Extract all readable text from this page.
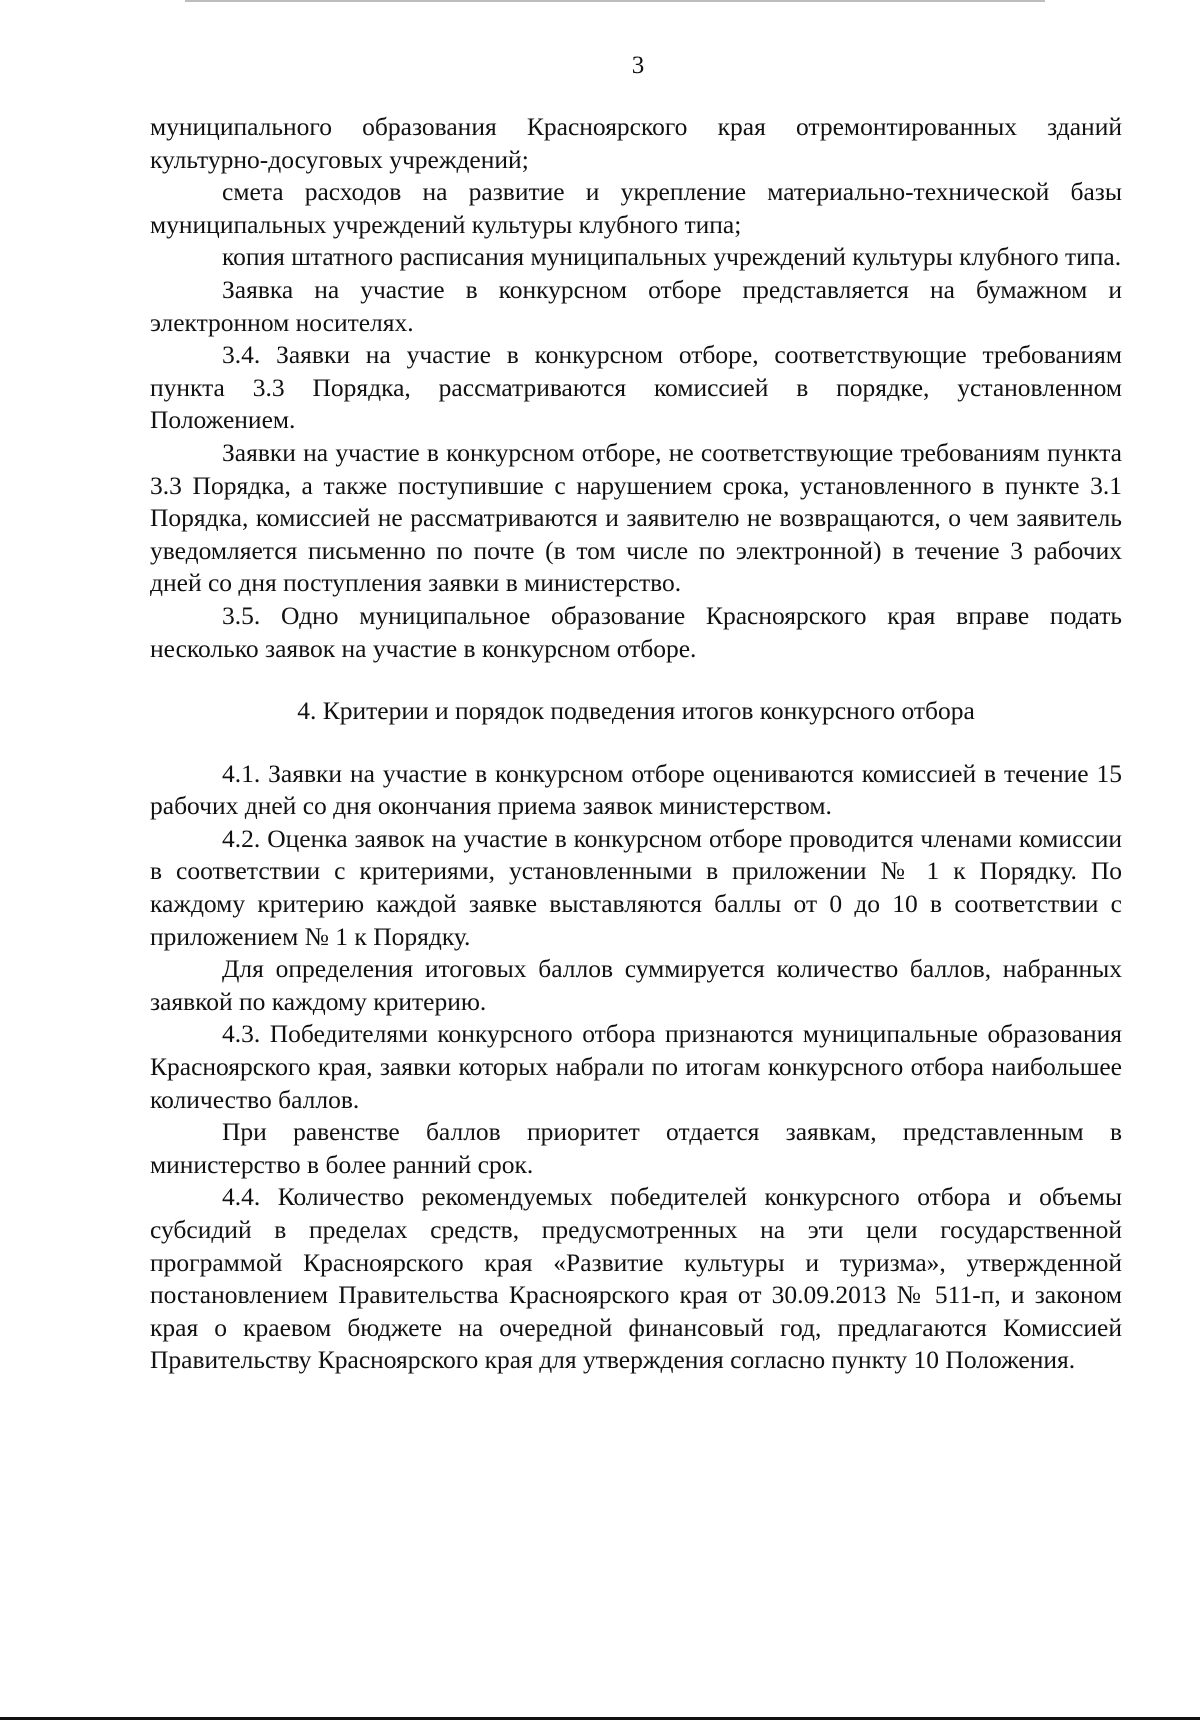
3

муниципального образования Красноярского края отремонтированных зданий культурно-досуговых учреждений;

смета расходов на развитие и укрепление материально-технической базы муниципальных учреждений культуры клубного типа;

копия штатного расписания муниципальных учреждений культуры клубного типа.

Заявка на участие в конкурсном отборе представляется на бумажном и электронном носителях.

3.4. Заявки на участие в конкурсном отборе, соответствующие требованиям пункта 3.3 Порядка, рассматриваются комиссией в порядке, установленном Положением.

Заявки на участие в конкурсном отборе, не соответствующие требованиям пункта 3.3 Порядка, а также поступившие с нарушением срока, установленного в пункте 3.1 Порядка, комиссией не рассматриваются и заявителю не возвращаются, о чем заявитель уведомляется письменно по почте (в том числе по электронной) в течение 3 рабочих дней со дня поступления заявки в министерство.

3.5. Одно муниципальное образование Красноярского края вправе подать несколько заявок на участие в конкурсном отборе.

4. Критерии и порядок подведения итогов конкурсного отбора

4.1. Заявки на участие в конкурсном отборе оцениваются комиссией в течение 15 рабочих дней со дня окончания приема заявок министерством.

4.2. Оценка заявок на участие в конкурсном отборе проводится членами комиссии в соответствии с критериями, установленными в приложении № 1 к Порядку. По каждому критерию каждой заявке выставляются баллы от 0 до 10 в соответствии с приложением № 1 к Порядку.

Для определения итоговых баллов суммируется количество баллов, набранных заявкой по каждому критерию.

4.3. Победителями конкурсного отбора признаются муниципальные образования Красноярского края, заявки которых набрали по итогам конкурсного отбора наибольшее количество баллов.

При равенстве баллов приоритет отдается заявкам, представленным в министерство в более ранний срок.

4.4. Количество рекомендуемых победителей конкурсного отбора и объемы субсидий в пределах средств, предусмотренных на эти цели государственной программой Красноярского края «Развитие культуры и туризма», утвержденной постановлением Правительства Красноярского края от 30.09.2013 № 511-п, и законом края о краевом бюджете на очередной финансовый год, предлагаются Комиссией Правительству Красноярского края для утверждения согласно пункту 10 Положения.
